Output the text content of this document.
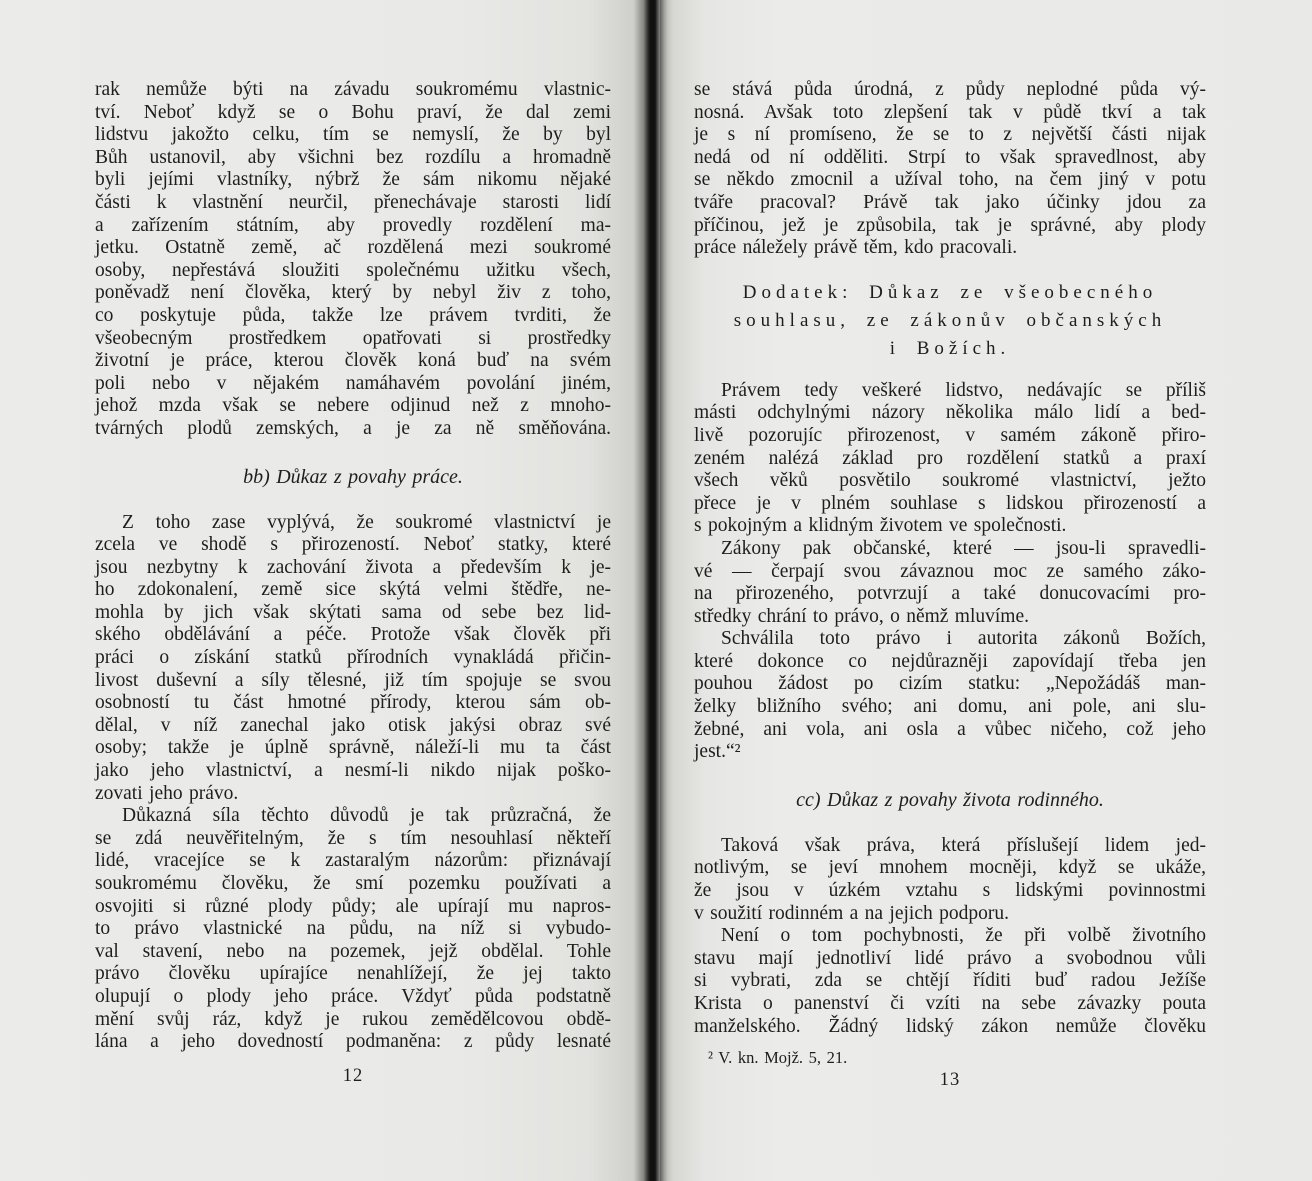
rak nemůže býti na závadu soukromému vlastnic-
tví. Neboť když se o Bohu praví, že dal zemi
lidstvu jakožto celku, tím se nemyslí, že by byl
Bůh ustanovil, aby všichni bez rozdílu a hromadně
byli jejími vlastníky, nýbrž že sám nikomu nějaké
části k vlastnění neurčil, přenechávaje starosti lidí
a zařízením státním, aby provedly rozdělení ma-
jetku. Ostatně země, ač rozdělená mezi soukromé
osoby, nepřestává sloužiti společnému užitku všech,
poněvadž není člověka, který by nebyl živ z toho,
co poskytuje půda, takže lze právem tvrditi, že
všeobecným prostředkem opatřovati si prostředky
životní je práce, kterou člověk koná buď na svém
poli nebo v nějakém namáhavém povolání jiném,
jehož mzda však se nebere odjinud než z mnoho-
tvárných plodů zemských, a je za ně směňována.
bb) Důkaz z povahy práce.
Z toho zase vyplývá, že soukromé vlastnictví je
zcela ve shodě s přirozeností. Neboť statky, které
jsou nezbytny k zachování života a především k je-
ho zdokonalení, země sice skýtá velmi štědře, ne-
mohla by jich však skýtati sama od sebe bez lid-
ského obdělávání a péče. Protože však člověk při
práci o získání statků přírodních vynakládá přičin-
livost duševní a síly tělesné, již tím spojuje se svou
osobností tu část hmotné přírody, kterou sám ob-
dělal, v níž zanechal jako otisk jakýsi obraz své
osoby; takže je úplně správně, náleží-li mu ta část
jako jeho vlastnictví, a nesmí-li nikdo nijak poško-
zovati jeho právo.
Důkazná síla těchto důvodů je tak průzračná, že
se zdá neuvěřitelným, že s tím nesouhlasí někteří
lidé, vracejíce se k zastaralým názorům: přiznávají
soukromému člověku, že smí pozemku používati a
osvojiti si různé plody půdy; ale upírají mu napros-
to právo vlastnické na půdu, na níž si vybudo-
val stavení, nebo na pozemek, jejž obdělal. Tohle
právo člověku upírajíce nenahlížejí, že jej takto
olupují o plody jeho práce. Vždyť půda podstatně
mění svůj ráz, když je rukou zemědělcovou obdě-
lána a jeho dovedností podmaněna: z půdy lesnaté
se stává půda úrodná, z půdy neplodné půda vý-
nosná. Avšak toto zlepšení tak v půdě tkví a tak
je s ní promíseno, že se to z největší části nijak
nedá od ní odděliti. Strpí to však spravedlnost, aby
se někdo zmocnil a užíval toho, na čem jiný v potu
tváře pracoval? Právě tak jako účinky jdou za
příčinou, jež je způsobila, tak je správné, aby plody
práce náležely právě těm, kdo pracovali.
Dodatek: Důkaz ze všeobecného
souhlasu, ze zákonův občanských
i Božích.
Právem tedy veškeré lidstvo, nedávajíc se příliš
másti odchylnými názory několika málo lidí a bed-
livě pozorujíc přirozenost, v samém zákoně přiro-
zeném nalézá základ pro rozdělení statků a praxí
všech věků posvětilo soukromé vlastnictví, ježto
přece je v plném souhlase s lidskou přirozeností a
s pokojným a klidným životem ve společnosti.
Zákony pak občanské, které — jsou-li spravedli-
vé — čerpají svou závaznou moc ze samého záko-
na přirozeného, potvrzují a také donucovacími pro-
středky chrání to právo, o němž mluvíme.
Schválila toto právo i autorita zákonů Božích,
které dokonce co nejdůrazněji zapovídají třeba jen
pouhou žádost po cizím statku: „Nepožádáš man-
želky bližního svého; ani domu, ani pole, ani slu-
žebné, ani vola, ani osla a vůbec ničeho, což jeho
jest.“²
cc) Důkaz z povahy života rodinného.
Taková však práva, která příslušejí lidem jed-
notlivým, se jeví mnohem mocněji, když se ukáže,
že jsou v úzkém vztahu s lidskými povinnostmi
v soužití rodinném a na jejich podporu.
Není o tom pochybnosti, že při volbě životního
stavu mají jednotliví lidé právo a svobodnou vůli
si vybrati, zda se chtějí říditi buď radou Ježíše
Krista o panenství či vzíti na sebe závazky pouta
manželského. Žádný lidský zákon nemůže člověku
² V. kn. Mojž. 5, 21.
12	13
